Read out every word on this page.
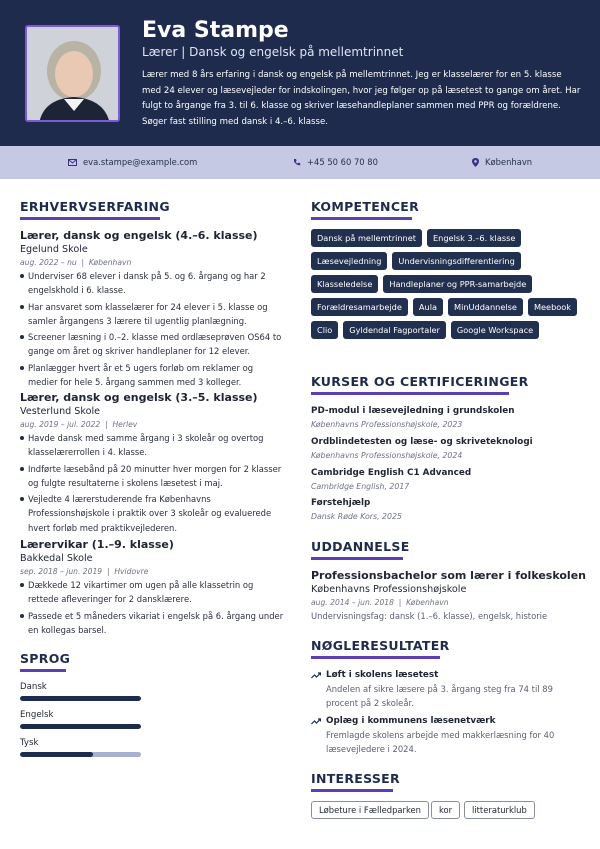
Eva Stampe
Lærer | Dansk og engelsk på mellemtrinnet
Lærer med 8 års erfaring i dansk og engelsk på mellemtrinnet. Jeg er klasselærer for en 5. klasse med 24 elever og læsevejleder for indskolingen, hvor jeg følger op på læsetest to gange om året. Har fulgt to årgange fra 3. til 6. klasse og skriver læsehandleplaner sammen med PPR og forældrene. Søger fast stilling med dansk i 4.–6. klasse.
eva.stampe@example.com	+45 50 60 70 80	København
ERHVERVSERFARING
Lærer, dansk og engelsk (4.–6. klasse)
Egelund Skole
aug. 2022 – nu | København
Underviser 68 elever i dansk på 5. og 6. årgang og har 2 engelskhold i 6. klasse.
Har ansvaret som klasselærer for 24 elever i 5. klasse og samler årgangens 3 lærere til ugentlig planlægning.
Screener læsning i 0.–2. klasse med ordlæseprøven OS64 to gange om året og skriver handleplaner for 12 elever.
Planlægger hvert år et 5 ugers forløb om reklamer og medier for hele 5. årgang sammen med 3 kolleger.
Lærer, dansk og engelsk (3.–5. klasse)
Vesterlund Skole
aug. 2019 – jul. 2022 | Herlev
Havde dansk med samme årgang i 3 skoleår og overtog klasselærerrollen i 4. klasse.
Indførte læsebånd på 20 minutter hver morgen for 2 klasser og fulgte resultaterne i skolens læsetest i maj.
Vejledte 4 lærerstuderende fra Københavns Professionshøjskole i praktik over 3 skoleår og evaluerede hvert forløb med praktikvejlederen.
Lærervikar (1.–9. klasse)
Bakkedal Skole
sep. 2018 – jun. 2019 | Hvidovre
Dækkede 12 vikartimer om ugen på alle klassetrin og rettede afleveringer for 2 dansklærere.
Passede et 5 måneders vikariat i engelsk på 6. årgang under en kollegas barsel.
SPROG
Dansk
Engelsk
Tysk
KOMPETENCER
Dansk på mellemtrinnet	Engelsk 3.–6. klasse
Læsevejledning	Undervisningsdifferentiering
Klasseledelse	Handleplaner og PPR-samarbejde
Forældresamarbejde	Aula	MinUddannelse	Meebook
Clio	Gyldendal Fagportaler	Google Workspace
KURSER OG CERTIFICERINGER
PD-modul i læsevejledning i grundskolen
Københavns Professionshøjskole, 2023
Ordblindetesten og læse- og skriveteknologi
Københavns Professionshøjskole, 2024
Cambridge English C1 Advanced
Cambridge English, 2017
Førstehjælp
Dansk Røde Kors, 2025
UDDANNELSE
Professionsbachelor som lærer i folkeskolen
Københavns Professionshøjskole
aug. 2014 – jun. 2018 | København
Undervisningsfag: dansk (1.–6. klasse), engelsk, historie
NØGLERESULTATER
Løft i skolens læsetest
Andelen af sikre læsere på 3. årgang steg fra 74 til 89 procent på 2 skoleår.
Oplæg i kommunens læsenetværk
Fremlagde skolens arbejde med makkerlæsning for 40 læsevejledere i 2024.
INTERESSER
Løbeture i Fælledparken	kor	litteraturklub
